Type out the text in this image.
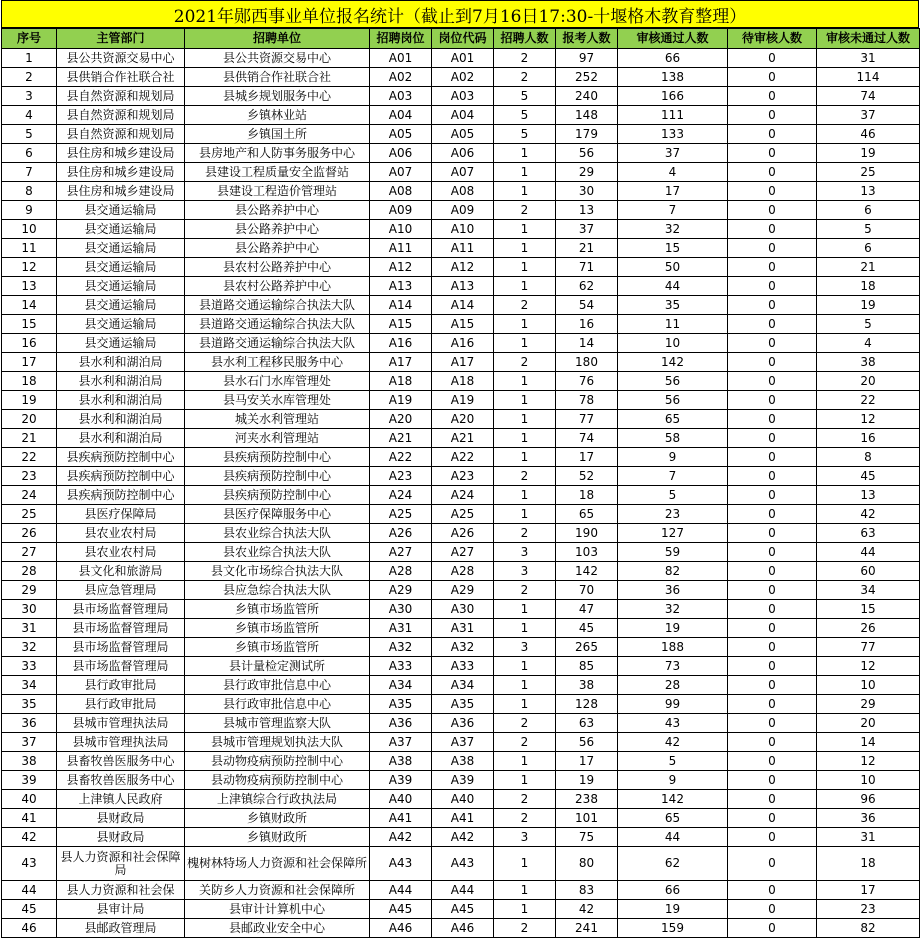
2021年郧西事业单位报名统计（截止到7月16日17:30-十堰格木教育整理）
序号	主管部门	招聘单位	招聘岗位	岗位代码	招聘人数	报考人数	审核通过人数	待审核人数	审核未通过人数
1	县公共资源交易中心	县公共资源交易中心	A01	A01	2	97	66	0	31
2	县供销合作社联合社	县供销合作社联合社	A02	A02	2	252	138	0	114
3	县自然资源和规划局	县城乡规划服务中心	A03	A03	5	240	166	0	74
4	县自然资源和规划局	乡镇林业站	A04	A04	5	148	111	0	37
5	县自然资源和规划局	乡镇国土所	A05	A05	5	179	133	0	46
6	县住房和城乡建设局	县房地产和人防事务服务中心	A06	A06	1	56	37	0	19
7	县住房和城乡建设局	县建设工程质量安全监督站	A07	A07	1	29	4	0	25
8	县住房和城乡建设局	县建设工程造价管理站	A08	A08	1	30	17	0	13
9	县交通运输局	县公路养护中心	A09	A09	2	13	7	0	6
10	县交通运输局	县公路养护中心	A10	A10	1	37	32	0	5
11	县交通运输局	县公路养护中心	A11	A11	1	21	15	0	6
12	县交通运输局	县农村公路养护中心	A12	A12	1	71	50	0	21
13	县交通运输局	县农村公路养护中心	A13	A13	1	62	44	0	18
14	县交通运输局	县道路交通运输综合执法大队	A14	A14	2	54	35	0	19
15	县交通运输局	县道路交通运输综合执法大队	A15	A15	1	16	11	0	5
16	县交通运输局	县道路交通运输综合执法大队	A16	A16	1	14	10	0	4
17	县水利和湖泊局	县水利工程移民服务中心	A17	A17	2	180	142	0	38
18	县水利和湖泊局	县水石门水库管理处	A18	A18	1	76	56	0	20
19	县水利和湖泊局	县马安关水库管理处	A19	A19	1	78	56	0	22
20	县水利和湖泊局	城关水利管理站	A20	A20	1	77	65	0	12
21	县水利和湖泊局	河夹水利管理站	A21	A21	1	74	58	0	16
22	县疾病预防控制中心	县疾病预防控制中心	A22	A22	1	17	9	0	8
23	县疾病预防控制中心	县疾病预防控制中心	A23	A23	2	52	7	0	45
24	县疾病预防控制中心	县疾病预防控制中心	A24	A24	1	18	5	0	13
25	县医疗保障局	县医疗保障服务中心	A25	A25	1	65	23	0	42
26	县农业农村局	县农业综合执法大队	A26	A26	2	190	127	0	63
27	县农业农村局	县农业综合执法大队	A27	A27	3	103	59	0	44
28	县文化和旅游局	县文化市场综合执法大队	A28	A28	3	142	82	0	60
29	县应急管理局	县应急综合执法大队	A29	A29	2	70	36	0	34
30	县市场监督管理局	乡镇市场监管所	A30	A30	1	47	32	0	15
31	县市场监督管理局	乡镇市场监管所	A31	A31	1	45	19	0	26
32	县市场监督管理局	乡镇市场监管所	A32	A32	3	265	188	0	77
33	县市场监督管理局	县计量检定测试所	A33	A33	1	85	73	0	12
34	县行政审批局	县行政审批信息中心	A34	A34	1	38	28	0	10
35	县行政审批局	县行政审批信息中心	A35	A35	1	128	99	0	29
36	县城市管理执法局	县城市管理监察大队	A36	A36	2	63	43	0	20
37	县城市管理执法局	县城市管理规划执法大队	A37	A37	2	56	42	0	14
38	县畜牧兽医服务中心	县动物疫病预防控制中心	A38	A38	1	17	5	0	12
39	县畜牧兽医服务中心	县动物疫病预防控制中心	A39	A39	1	19	9	0	10
40	上津镇人民政府	上津镇综合行政执法局	A40	A40	2	238	142	0	96
41	县财政局	乡镇财政所	A41	A41	2	101	65	0	36
42	县财政局	乡镇财政所	A42	A42	3	75	44	0	31
43	县人力资源和社会保障局	槐树林特场人力资源和社会保障所	A43	A43	1	80	62	0	18
44	县人力资源和社会保	关防乡人力资源和社会保障所	A44	A44	1	83	66	0	17
45	县审计局	县审计计算机中心	A45	A45	1	42	19	0	23
46	县邮政管理局	县邮政业安全中心	A46	A46	2	241	159	0	82
